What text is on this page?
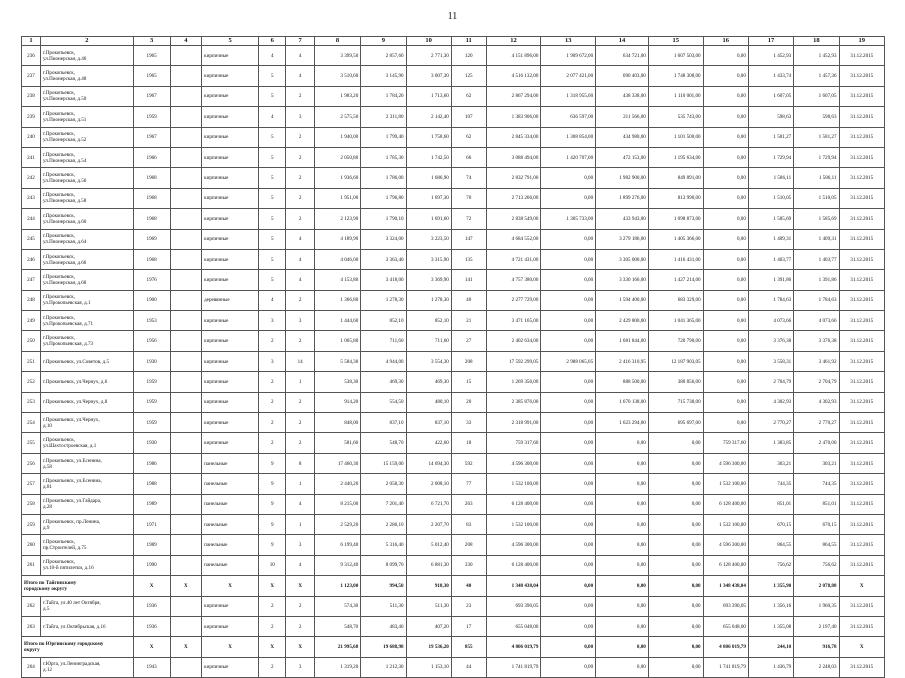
11
1	2	3	4	5	6	7	8	9	10	11	12	13	14	15	16	17	18	19
236	г.Прокопьевск,
ул.Пионерская, д.46	1965		кирпичные	4	4	3 399,50	2 857,60	2 771,30	120	4 151 896,00	1 909 672,00	634 721,00	1 607 503,00	0,00	1 452,93	1 452,93	31.12.2015
237	г.Прокопьевск,
ул.Пионерская, д.48	1965		кирпичные	5	4	3 510,60	3 145,90	3 007,30	125	4 516 132,00	2 077 421,00	690 403,00	1 748 308,00	0,00	1 433,74	1 457,36	31.12.2015
238	г.Прокопьевск,
ул.Пионерская, д.50	1967		кирпичные	5	2	1 983,20	1 784,20	1 713,60	62	2 867 294,00	1 318 955,00	438 338,00	1 110 001,00	0,00	1 607,05	1 607,05	31.12.2015
239	г.Прокопьевск,
ул.Пионерская, д.51	1959		кирпичные	4	3	2 575,50	2 311,80	2 142,40	107	1 383 906,00	636 597,00	211 566,00	535 743,00	0,00	598,63	598,63	31.12.2015
240	г.Прокопьевск,
ул.Пионерская, д.52	1967		кирпичные	5	2	1 940,00	1 799,40	1 758,60	62	2 845 334,00	1 308 854,00	434 980,00	1 101 500,00	0,00	1 581,27	1 581,27	31.12.2015
241	г.Прокопьевск,
ул.Пионерская, д.54	1966		кирпичные	5	2	2 050,80	1 785,30	1 742,50	66	3 088 494,00	1 420 707,00	472 153,00	1 195 634,00	0,00	1 729,94	1 729,94	31.12.2015
242	г.Прокопьевск,
ул.Пионерская, д.56	1968		кирпичные	5	2	1 936,60	1 786,00	1 686,90	74	2 832 791,00	0,00	1 982 900,00	849 891,00	0,00	1 586,11	1 586,11	31.12.2015
243	г.Прокопьевск,
ул.Пионерская, д.58	1968		кирпичные	5	2	1 951,00	1 796,80	1 697,30	70	2 713 266,00	0,00	1 899 276,00	813 990,00	0,00	1 510,05	1 510,05	31.12.2015
244	г.Прокопьевск,
ул.Пионерская, д.60	1968		кирпичные	5	2	2 123,90	1 790,10	1 691,60	72	2 838 549,00	1 305 733,00	433 943,00	1 098 873,00	0,00	1 585,69	1 585,69	31.12.2015
245	г.Прокопьевск,
ул.Пионерская, д.64	1969		кирпичные	5	4	4 189,90	3 324,00	3 223,50	147	4 684 552,00	0,00	3 279 186,00	1 405 366,00	0,00	1 409,31	1 409,31	31.12.2015
246	г.Прокопьевск,
ул.Пионерская, д.66	1968		кирпичные	5	4	4 046,00	3 363,40	3 315,90	135	4 721 431,00	0,00	3 305 000,00	1 416 431,00	0,00	1 403,77	1 403,77	31.12.2015
247	г.Прокопьевск,
ул.Пионерская, д.68	1976		кирпичные	5	4	4 153,80	3 418,00	3 369,90	141	4 757 380,00	0,00	3 330 166,00	1 427 214,00	0,00	1 391,86	1 391,86	31.12.2015
248	г.Прокопьевск,
ул.Прокопьевская, д.1	1900		деревянные	4	2	1 366,80	1 278,30	1 278,30	40	2 277 729,00	0,00	1 594 400,00	683 329,00	0,00	1 784,63	1 784,63	31.12.2015
249	г.Прокопьевск,
ул.Прокопьевская, д.71	1953		кирпичные	3	3	1 444,60	852,10	852,10	21	3 471 165,00	0,00	2 429 800,00	1 041 365,00	0,00	4 073,66	4 073,66	31.12.2015
250	г.Прокопьевск,
ул.Прокопьевская, д.73	1956		кирпичные	2	2	1 065,80	711,60	711,60	27	2 402 634,00	0,00	1 681 844,00	720 790,00	0,00	3 376,38	3 376,38	31.12.2015
251	г.Прокопьевск, ул.Советов, д.5	1930		кирпичные	3	14	5 584,30	4 944,00	3 554,30	208	17 592 299,05	2 988 065,05	2 416 310,95	12 187 903,05	0,00	3 558,31	3 461,92	31.12.2015
252	г.Прокопьевск, ул.Чернух, д.6	1959		кирпичные	2	1	538,30	469,30	469,30	15	1 269 356,00	0,00	888 500,00	380 856,00	0,00	2 704,79	2 704,79	31.12.2015
253	г.Прокопьевск, ул.Чернух, д.8	1959		кирпичные	2	2	914,20	554,50	480,10	20	2 385 876,00	0,00	1 670 138,00	715 738,00	0,00	4 302,93	4 302,93	31.12.2015
254	г.Прокопьевск, ул.Чернух,
д.10	1959		кирпичные	2	2	848,00	837,10	837,10	33	2 318 991,00	0,00	1 623 294,00	695 697,00	0,00	2 770,27	2 770,27	31.12.2015
255	г.Прокопьевск,
ул.Шахтостроевская, д.1	1930		кирпичные	2	2	581,60	548,70	422,60	18	759 317,60	0,00	0,00	0,00	759 317,60	1 383,85	2 470,00	31.12.2015
256	г.Прокопьевск, ул.Есенина,
д.58	1986		панельные	9	8	17 460,30	15 159,00	14 694,30	592	4 596 300,00	0,00	0,00	0,00	4 596 300,00	303,21	303,21	31.12.2015
257	г.Прокопьевск, ул.Есенина,
д.81	1988		панельные	9	1	2 440,20	2 058,30	2 008,10	77	1 532 100,00	0,00	0,00	0,00	1 532 100,00	744,35	744,35	31.12.2015
258	г.Прокопьевск, ул.Гайдара,
д.28	1989		панельные	9	4	8 215,00	7 201,40	6 721,70	263	6 128 400,00	0,00	0,00	0,00	6 128 400,00	851,01	851,01	31.12.2015
259	г.Прокопьевск, пр.Ленина,
д.9	1971		панельные	9	1	2 529,20	2 286,10	2 207,70	83	1 532 100,00	0,00	0,00	0,00	1 532 100,00	670,15	670,15	31.12.2015
260	г.Прокопьевск,
пр.Строителей, д.75	1989		панельные	9	3	6 199,40	5 316,40	5 012,40	208	4 596 300,00	0,00	0,00	0,00	4 596 300,00	864,55	864,55	31.12.2015
261	г.Прокопьевск,
ул.10-й пятилетки, д.16	1990		панельные	10	4	9 312,40	8 099,70	6 881,30	330	6 128 400,00	0,00	0,00	0,00	6 128 400,00	756,62	756,62	31.12.2015
Итого по Тайгинскому
городскому округу		X	X	X	X	X	1 123,00	994,50	918,30	40	1 348 438,04	0,00	0,00	0,00	1 348 438,04	1 355,90	2 078,88	X
262	г.Тайга, ул.40 лет Октября,
д.5	1936		кирпичные	2	2	574,30	511,30	511,30	23	693 390,05	0,00	0,00	0,00	693 390,05	1 356,16	1 960,35	31.12.2015
263	г.Тайга, ул.Октябрьская, д.16	1936		кирпичные	2	2	548,70	483,40	407,20	17	655 048,00	0,00	0,00	0,00	655 048,00	1 355,08	2 197,40	31.12.2015
Итого по Юргинскому городскому
округу		X	X	X	X	X	21 995,68	19 688,98	19 536,20	855	4 806 019,79	0,00	0,00	0,00	4 806 019,79	244,10	916,78	X
264	г.Юрга, ул.Ленинградская,
д.12	1943		кирпичные	2	3	1 319,20	1 212,30	1 153,10	44	1 741 819,79	0,00	0,00	0,00	1 741 819,79	1 436,79	2 248,03	31.12.2015
